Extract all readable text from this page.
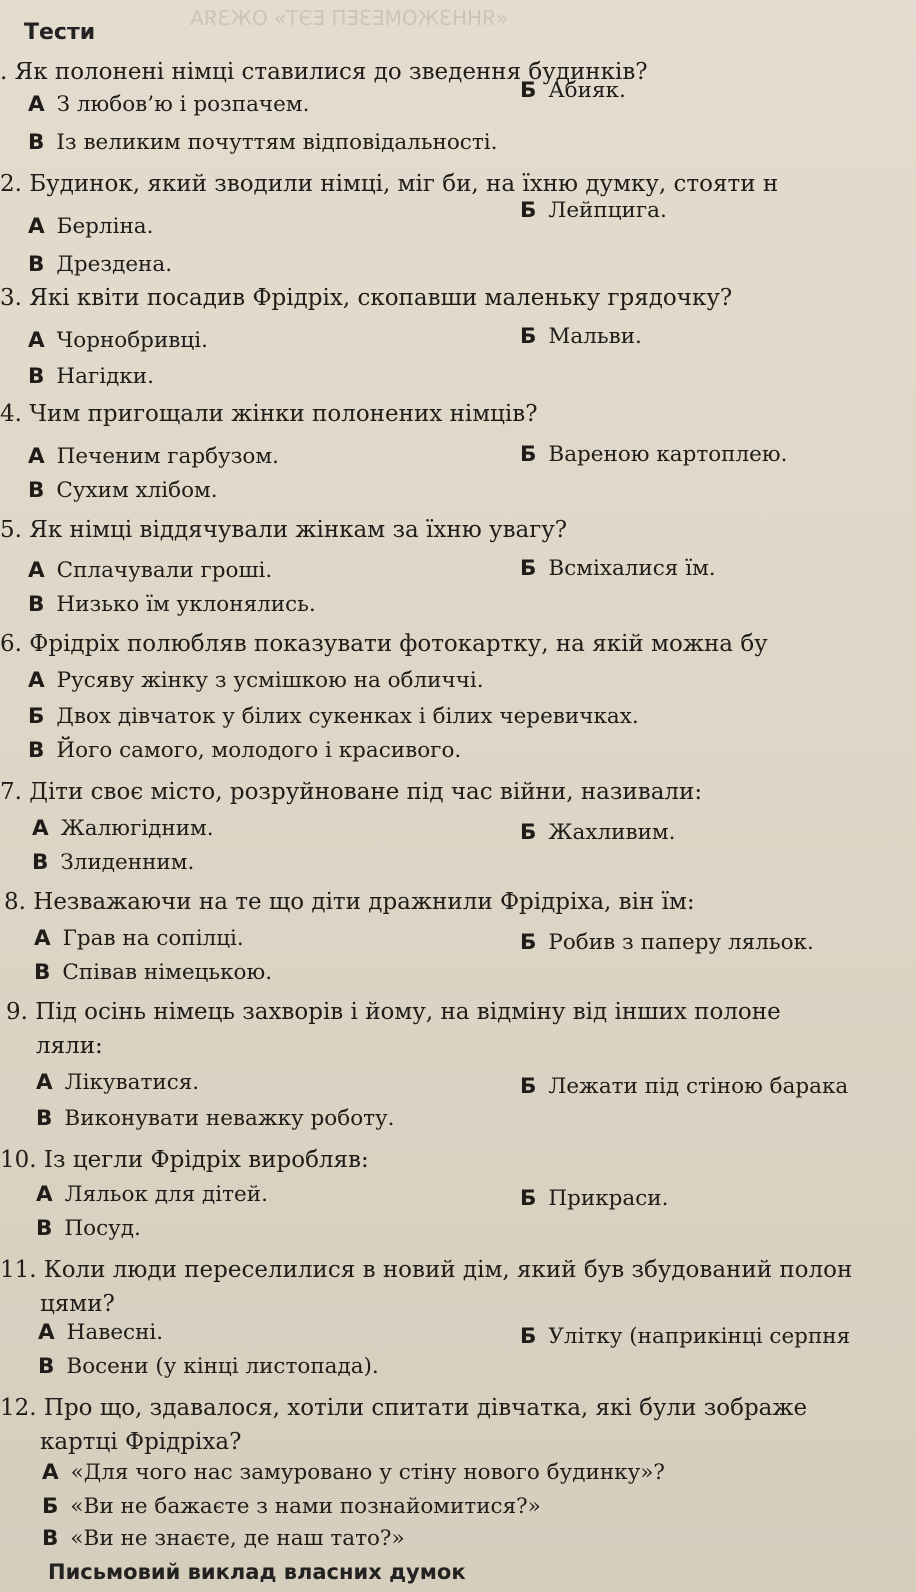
«ЯНHЗЖОМЕЗЕП ЕЭТ» ОЖЗЯА
Тести
. Як полонені німці ставилися до зведення будинків?
А З любов’ю і розпачем.
Б Абияк.
В Із великим почуттям відповідальності.
2. Будинок, який зводили німці, міг би, на їхню думку, стояти н
А Берліна.
Б Лейпцига.
В Дрездена.
3. Які квіти посадив Фрідріх, скопавши маленьку грядочку?
А Чорнобривці.	Б Мальви.
В Нагідки.
4. Чим пригощали жінки полонених німців?
А Печеним гарбузом.	Б Вареною картоплею.
В Сухим хлібом.
5. Як німці віддячували жінкам за їхню увагу?
А Сплачували гроші.	Б Всміхалися їм.
В Низько їм уклонялись.
6. Фрідріх полюбляв показувати фотокартку, на якій можна бу
А Русяву жінку з усмішкою на обличчі.
Б Двох дівчаток у білих сукенках і білих черевичках.
В Його самого, молодого і красивого.
7. Діти своє місто, розруйноване під час війни, називали:
А Жалюгідним.	Б Жахливим.
В Злиденним.
8. Незважаючи на те що діти дражнили Фрідріха, він їм:
А Грав на сопілці.	Б Робив з паперу ляльок.
В Співав німецькою.
9. Під осінь німець захворів і йому, на відміну від інших полоне
ляли:
А Лікуватися.	Б Лежати під стіною барака
В Виконувати неважку роботу.
10. Із цегли Фрідріх виробляв:
А Ляльок для дітей.	Б Прикраси.
В Посуд.
11. Коли люди переселилися в новий дім, який був збудований полон
цями?
А Навесні.	Б Улітку (наприкінці серпня
В Восени (у кінці листопада).
12. Про що, здавалося, хотіли спитати дівчатка, які були зображе
картці Фрідріха?
А «Для чого нас замуровано у стіну нового будинку»?
Б «Ви не бажаєте з нами познайомитися?»
В «Ви не знаєте, де наш тато?»
Письмовий виклад власних думок
